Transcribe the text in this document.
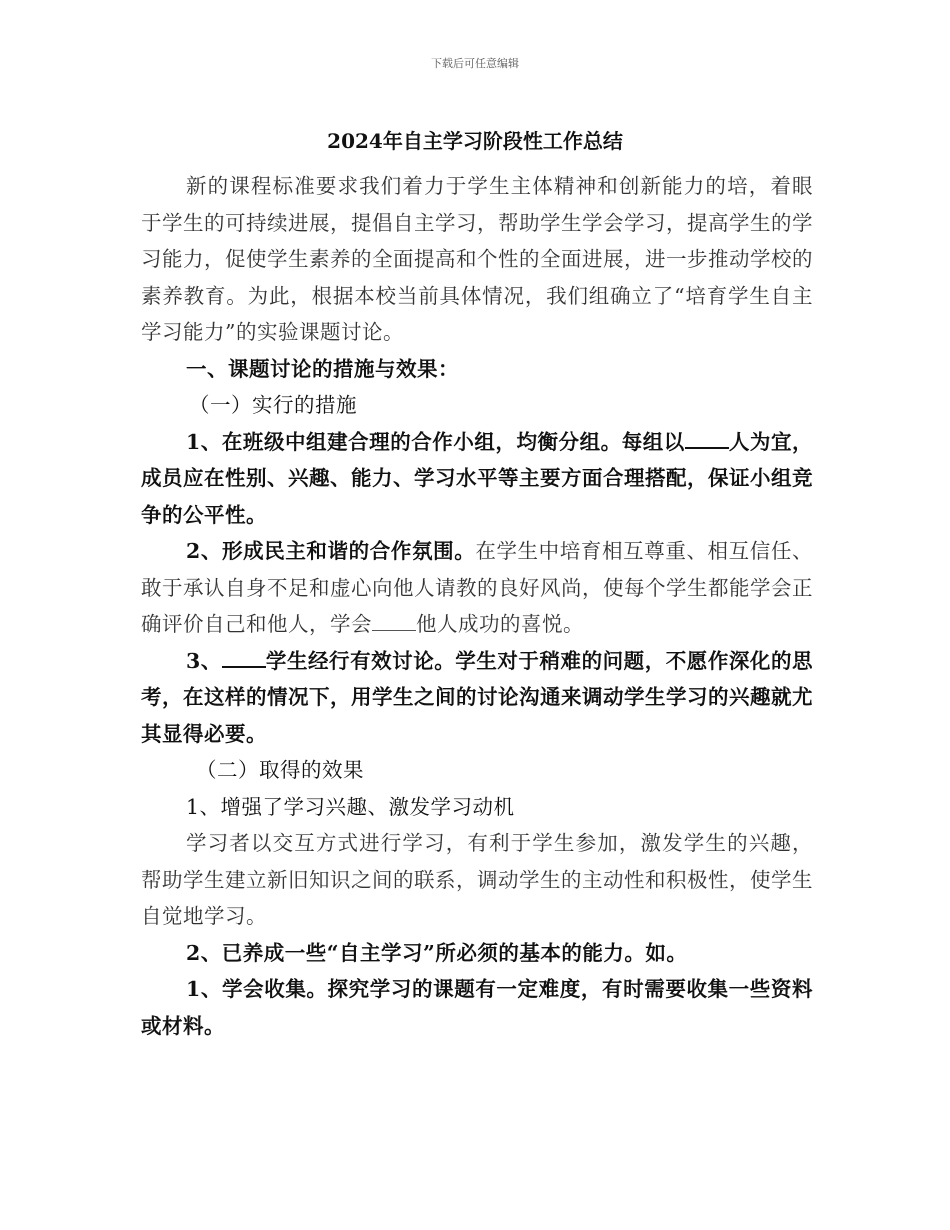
下载后可任意编辑
2024年自主学习阶段性工作总结

新的课程标准要求我们着力于学生主体精神和创新能力的培，着眼于学生的可持续进展，提倡自主学习，帮助学生学会学习，提高学生的学习能力，促使学生素养的全面提高和个性的全面进展，进一步推动学校的素养教育。为此，根据本校当前具体情况，我们组确立了“培育学生自主学习能力”的实验课题讨论。

一、课题讨论的措施与效果：

（一）实行的措施

1、在班级中组建合理的合作小组，均衡分组。每组以 人为宜，成员应在性别、兴趣、能力、学习水平等主要方面合理搭配，保证小组竞争的公平性。

2、形成民主和谐的合作氛围。在学生中培育相互尊重、相互信任、敢于承认自身不足和虚心向他人请教的良好风尚，使每个学生都能学会正确评价自己和他人，学会 他人成功的喜悦。

3、 学生经行有效讨论。学生对于稍难的问题，不愿作深化的思考，在这样的情况下，用学生之间的讨论沟通来调动学生学习的兴趣就尤其显得必要。

（二）取得的效果

1、增强了学习兴趣、激发学习动机

学习者以交互方式进行学习，有利于学生参加，激发学生的兴趣，帮助学生建立新旧知识之间的联系，调动学生的主动性和积极性，使学生自觉地学习。

2、已养成一些“自主学习”所必须的基本的能力。如。

1、学会收集。探究学习的课题有一定难度，有时需要收集一些资料或材料。
